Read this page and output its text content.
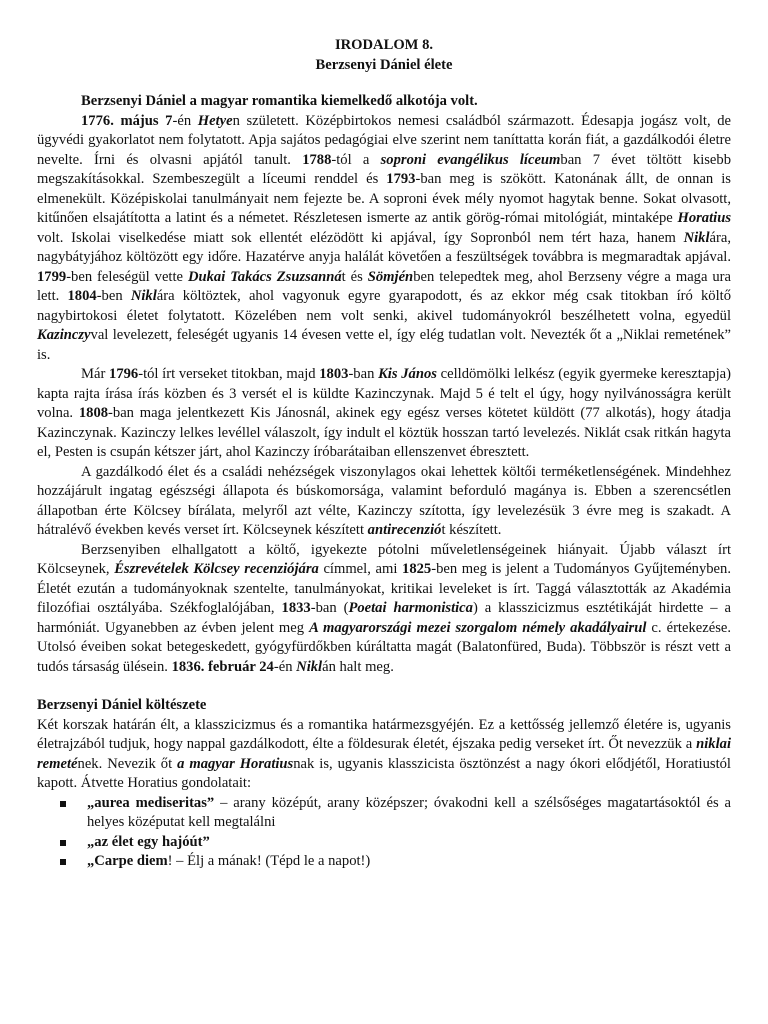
IRODALOM 8.

Berzsenyi Dániel élete

Berzsenyi Dániel a magyar romantika kiemelkedő alkotója volt.

1776. május 7-én Hetyen született. Középbirtokos nemesi családból származott. Édesapja jogász volt, de ügyvédi gyakorlatot nem folytatott. Apja sajátos pedagógiai elve szerint nem taníttatta korán fiát, a gazdálkodói életre nevelte. Írni és olvasni apjától tanult. 1788-tól a soproni evangélikus líceumban 7 évet töltött kisebb megszakításokkal. Szembeszegült a líceumi renddel és 1793-ban meg is szökött. Katonának állt, de onnan is elmenekült. Középiskolai tanulmányait nem fejezte be. A soproni évek mély nyomot hagytak benne. Sokat olvasott, kitűnően elsajátította a latint és a németet. Részletesen ismerte az antik görög-római mitológiát, mintaképe Horatius volt. Iskolai viselkedése miatt sok ellentét elézödött ki apjával, így Sopronból nem tért haza, hanem Niklára, nagybátyjához költözött egy időre. Hazatérve anyja halálát követően a feszültségek továbbra is megmaradtak apjával. 1799-ben feleségül vette Dukai Takács Zsuzsannát és Sömjénben telepedtek meg, ahol Berzseny végre a maga ura lett. 1804-ben Niklára költöztek, ahol vagyonuk egyre gyarapodott, és az ekkor még csak titokban író költő nagybirtokosi életet folytatott. Közelében nem volt senki, akivel tudományokról beszélhetett volna, egyedül Kazinczyval levelezett, feleségét ugyanis 14 évesen vette el, így elég tudatlan volt. Nevezték őt a „Niklai remetének” is.

Már 1796-tól írt verseket titokban, majd 1803-ban Kis János celldömölki lelkész (egyik gyermeke keresztapja) kapta rajta írása írás közben és 3 versét el is küldte Kazinczynak. Majd 5 é telt el úgy, hogy nyilvánosságra került volna. 1808-ban maga jelentkezett Kis Jánosnál, akinek egy egész verses kötetet küldött (77 alkotás), hogy átadja Kazinczynak. Kazinczy lelkes levéllel válaszolt, így indult el köztük hosszan tartó levelezés. Niklát csak ritkán hagyta el, Pesten is csupán kétszer járt, ahol Kazinczy íróbarátaiban ellenszenvet ébresztett.

A gazdálkodó élet és a családi nehézségek viszonylagos okai lehettek költői terméketlenségének. Mindehhez hozzájárult ingatag egészségi állapota és búskomorsága, valamint beforduló magánya is. Ebben a szerencsétlen állapotban érte Kölcsey bírálata, melyről azt vélte, Kazinczy szította, így levelezésük 3 évre meg is szakadt. A hátralévő években kevés verset írt. Kölcseynek készített antirecenziót készített.

Berzsenyiben elhallgatott a költő, igyekezte pótolni műveletlenségeinek hiányait. Újabb választ írt Kölcseynek, Észrevételek Kölcsey recenziójára címmel, ami 1825-ben meg is jelent a Tudományos Gyűjteményben. Életét ezután a tudományoknak szentelte, tanulmányokat, kritikai leveleket is írt. Taggá választották az Akadémia filozófiai osztályába. Székfoglalójában, 1833-ban (Poetai harmonistica) a klasszicizmus esztétikáját hirdette – a harmóniát. Ugyanebben az évben jelent meg A magyarországi mezei szorgalom némely akadályairul c. értekezése. Utolsó éveiben sokat betegeskedett, gyógyfürdőkben kúráltatta magát (Balatonfüred, Buda). Többször is részt vett a tudós társaság ülésein. 1836. február 24-én Niklán halt meg.

Berzsenyi Dániel költészete

Két korszak határán élt, a klasszicizmus és a romantika határmezsgyéjén. Ez a kettősség jellemző életére is, ugyanis életrajzából tudjuk, hogy nappal gazdálkodott, élte a földesurak életét, éjszaka pedig verseket írt. Őt nevezzük a niklai remetének. Nevezik őt a magyar Horatiusnak is, ugyanis klasszicista ösztönzést a nagy ókori elődjétől, Horatiustól kapott. Átvette Horatius gondolatait:

„aurea mediseritas” – arany középút, arany középszer; óvakodni kell a szélsőséges magatartásoktól és a helyes középutat kell megtalálni
„az élet egy hajóút”
„Carpe diem! – Élj a mának! (Tépd le a napot!)
